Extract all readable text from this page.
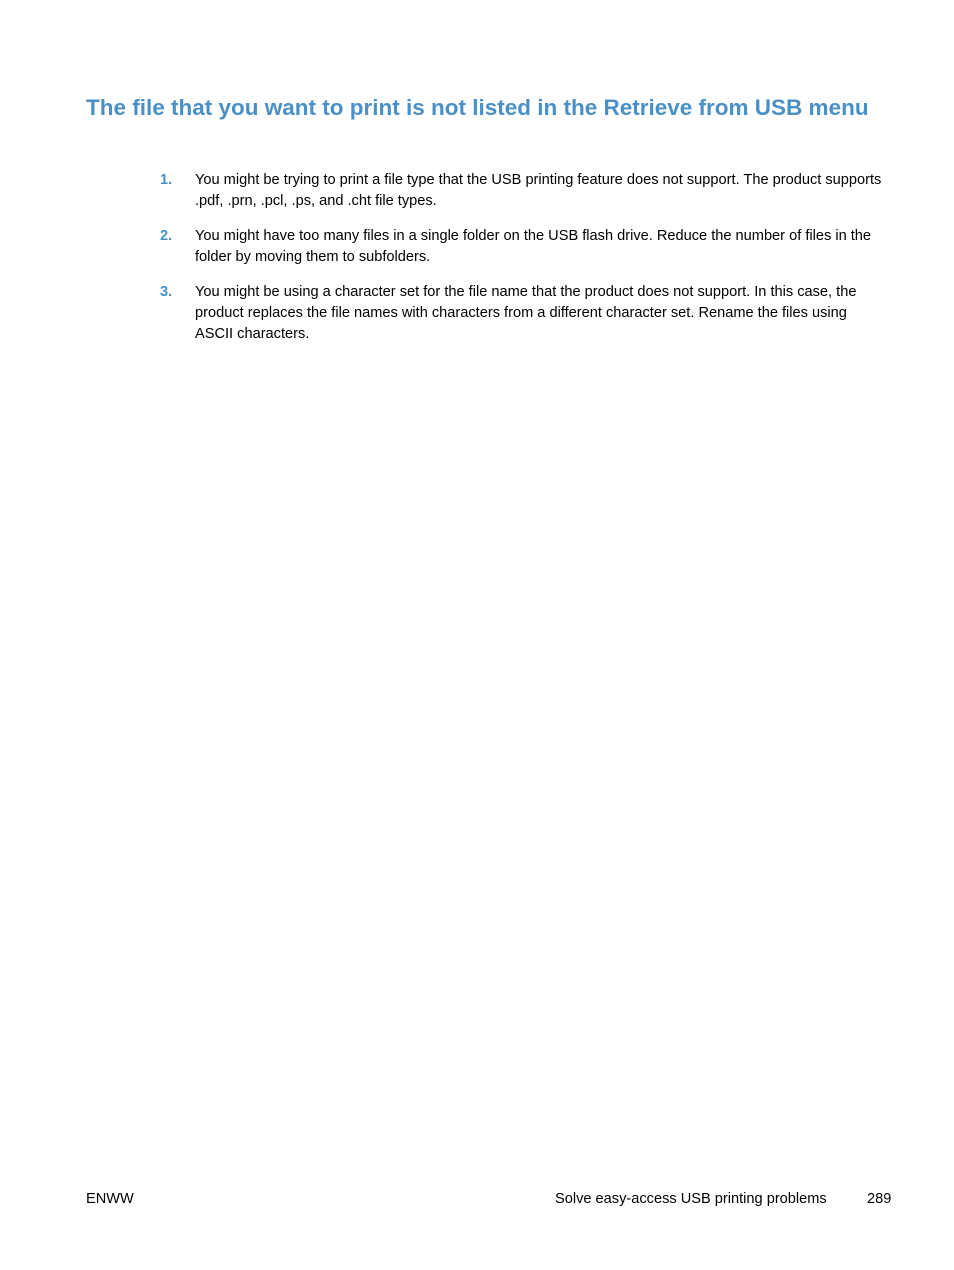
The file that you want to print is not listed in the Retrieve from USB menu
1. You might be trying to print a file type that the USB printing feature does not support. The product supports .pdf, .prn, .pcl, .ps, and .cht file types.
2. You might have too many files in a single folder on the USB flash drive. Reduce the number of files in the folder by moving them to subfolders.
3. You might be using a character set for the file name that the product does not support. In this case, the product replaces the file names with characters from a different character set. Rename the files using ASCII characters.
ENWW	Solve easy-access USB printing problems	289
